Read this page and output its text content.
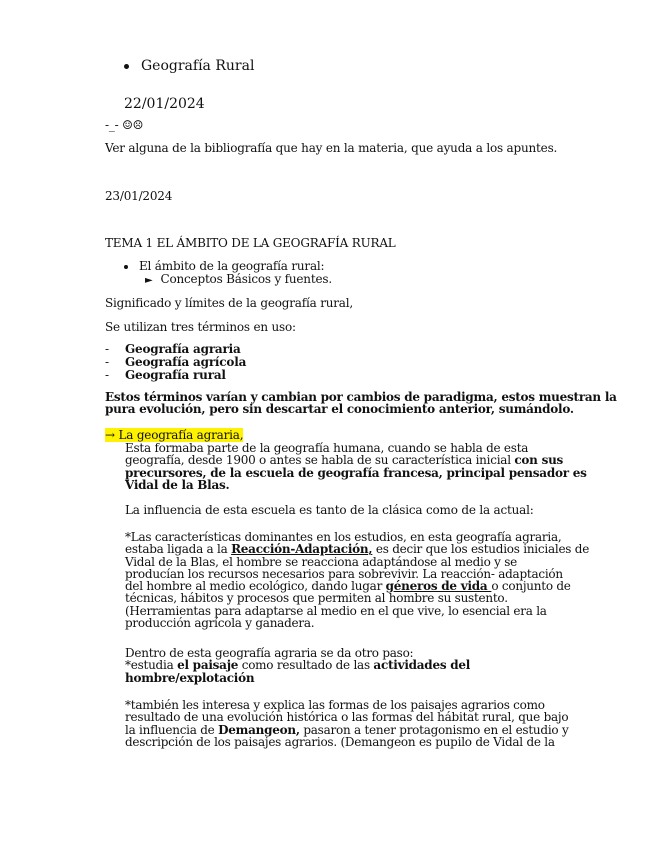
Geografía Rural
22/01/2024
-_- ☺☹
Ver alguna de la bibliografía que hay en la materia, que ayuda a los apuntes.
23/01/2024
TEMA 1 EL ÁMBITO DE LA GEOGRAFÍA RURAL
El ámbito de la geografía rural:
► Conceptos Básicos y fuentes.
Significado y límites de la geografía rural,
Se utilizan tres términos en uso:
- Geografía agraria
- Geografía agrícola
- Geografía rural
Estos términos varían y cambian por cambios de paradigma, estos muestran la
pura evolución, pero sin descartar el conocimiento anterior, sumándolo.
→ La geografía agraria,
Esta formaba parte de la geografía humana, cuando se habla de esta
geografía, desde 1900 o antes se habla de su característica inicial con sus
precursores, de la escuela de geografía francesa, principal pensador es
Vidal de la Blas.
La influencia de esta escuela es tanto de la clásica como de la actual:
*Las características dominantes en los estudios, en esta geografía agraria,
estaba ligada a la Reacción-Adaptación, es decir que los estudios iniciales de
Vidal de la Blas, el hombre se reacciona adaptándose al medio y se
producían los recursos necesarios para sobrevivir. La reacción- adaptación
del hombre al medio ecológico, dando lugar géneros de vida o conjunto de
técnicas, hábitos y procesos que permiten al hombre su sustento.
(Herramientas para adaptarse al medio en el que vive, lo esencial era la
producción agrícola y ganadera.
Dentro de esta geografía agraria se da otro paso:
*estudia el paisaje como resultado de las actividades del
hombre/explotación
*también les interesa y explica las formas de los paisajes agrarios como
resultado de una evolución histórica o las formas del hábitat rural, que bajo
la influencia de Demangeon, pasaron a tener protagonismo en el estudio y
descripción de los paisajes agrarios. (Demangeon es pupilo de Vidal de la
